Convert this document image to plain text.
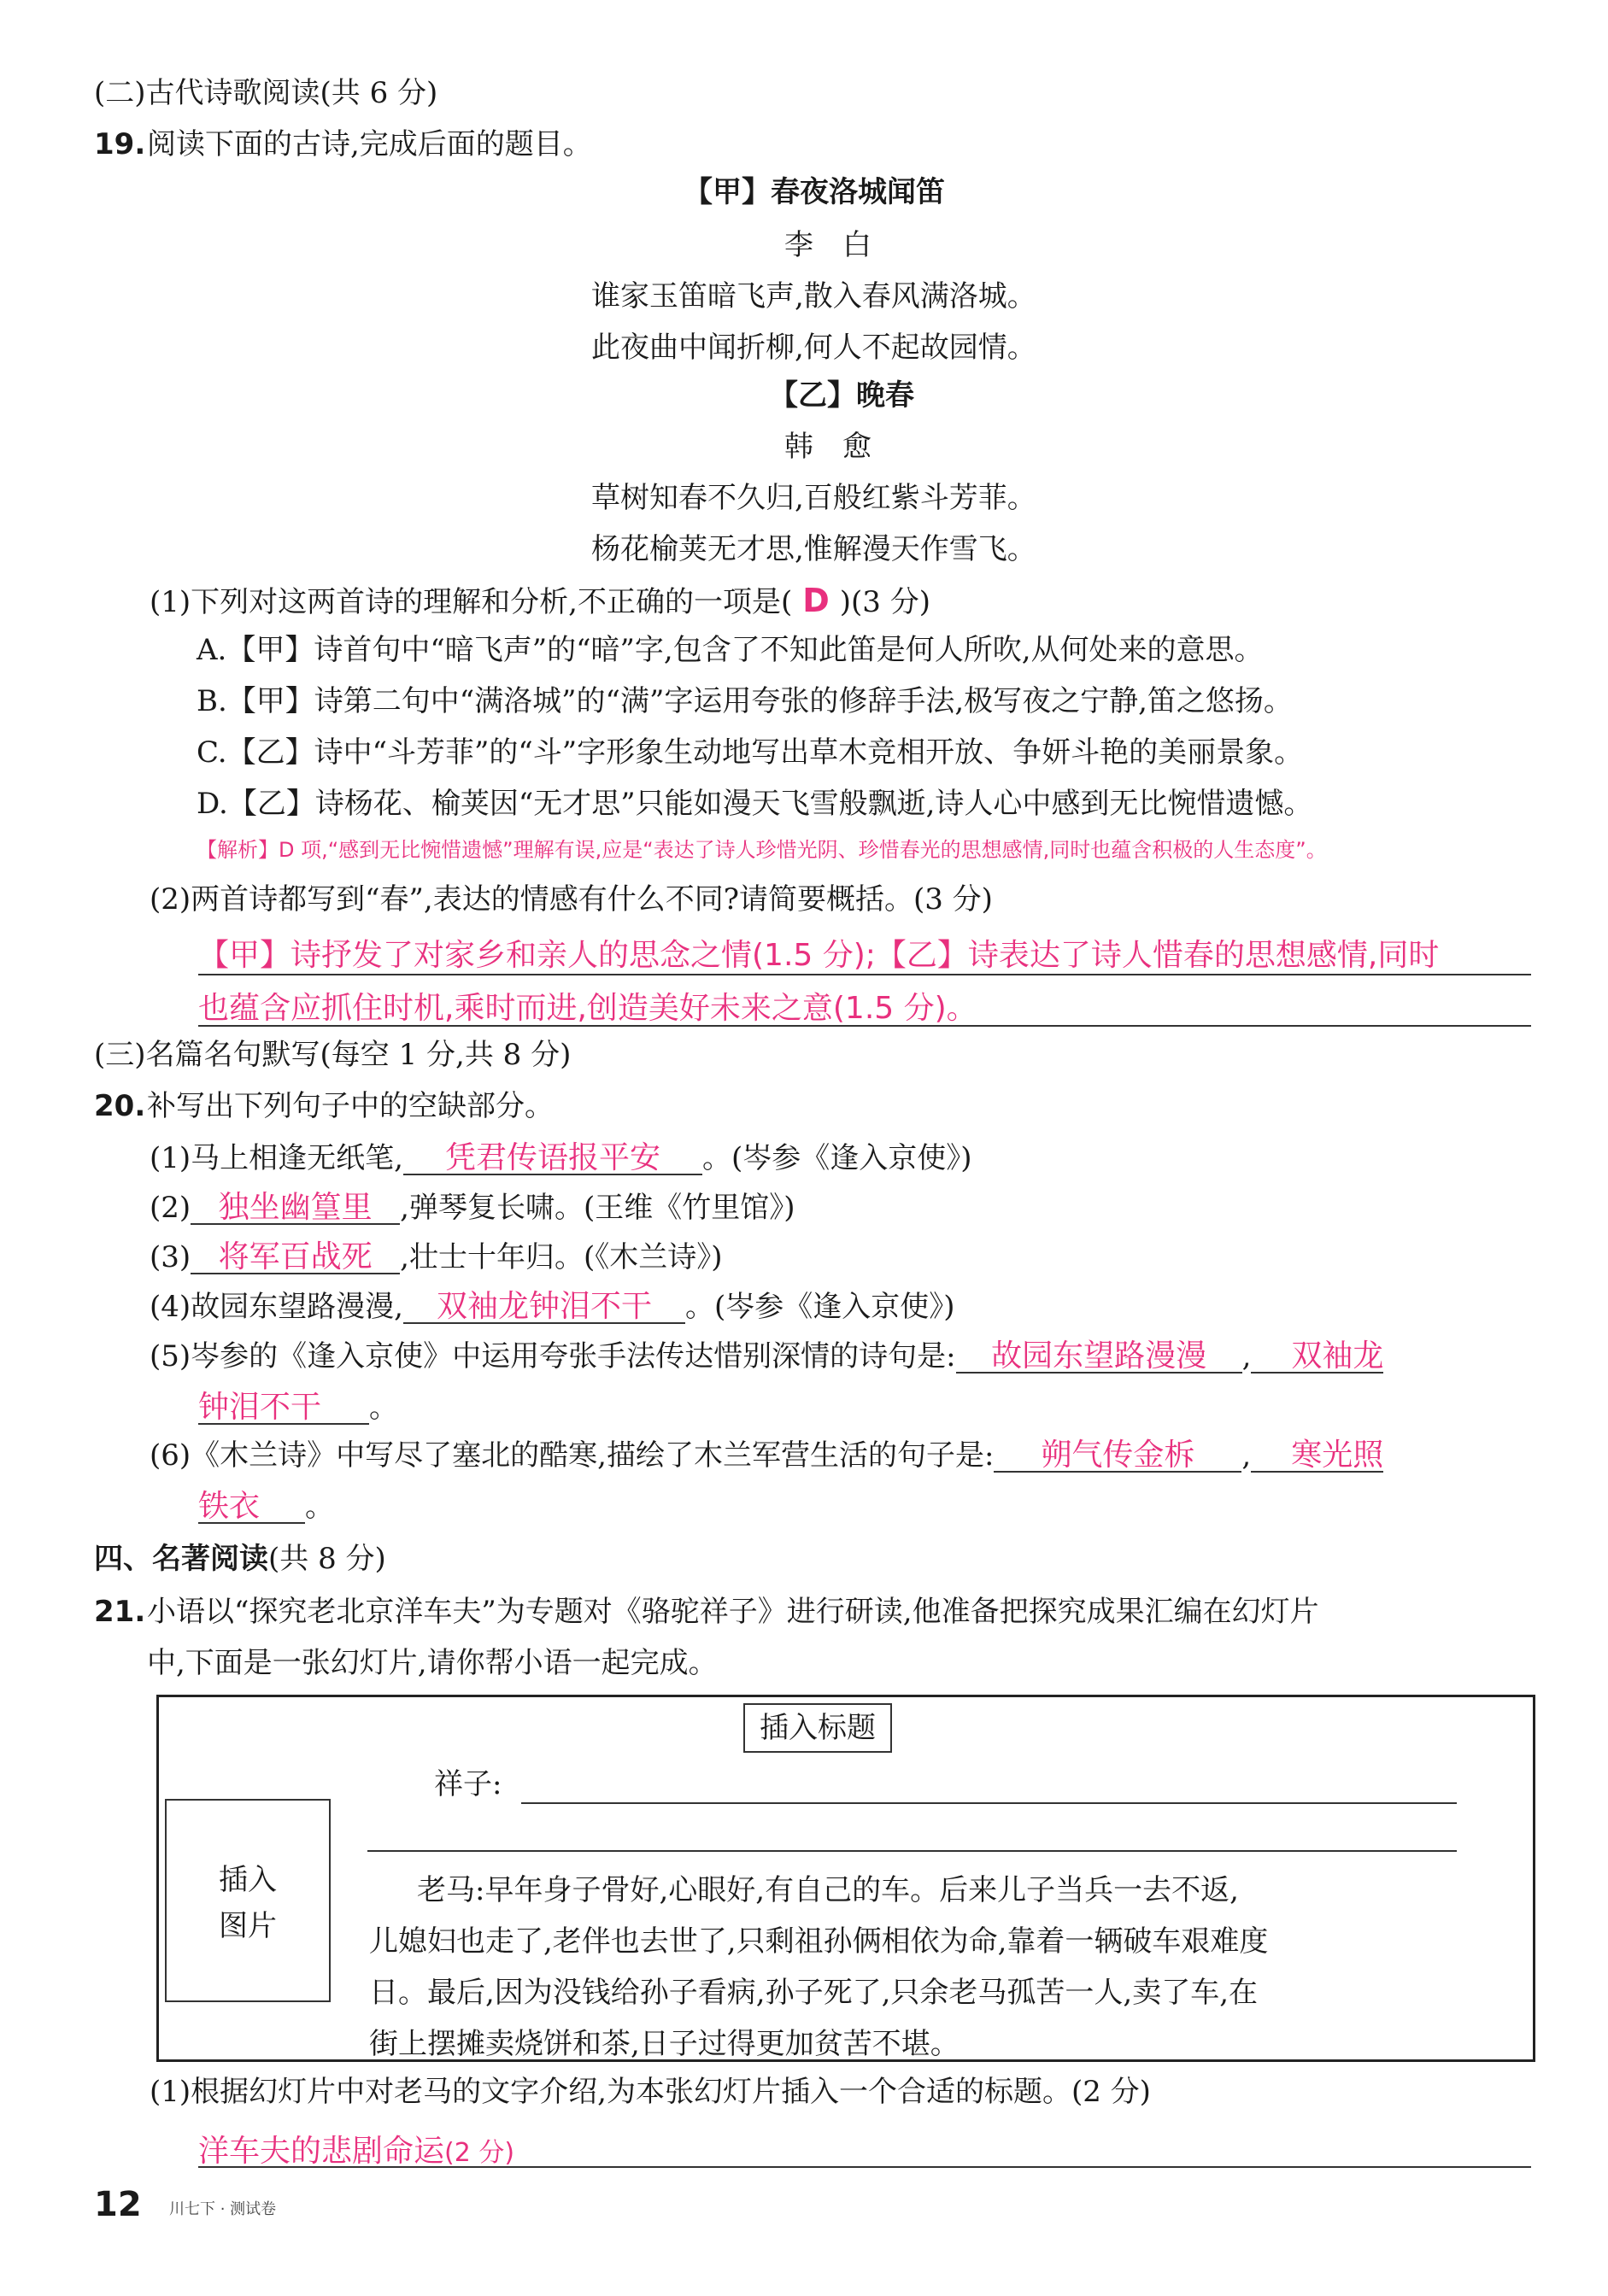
(二)古代诗歌阅读(共 6 分)
19. 阅读下面的古诗,完成后面的题目。
【甲】春夜洛城闻笛
李　白
谁家玉笛暗飞声,散入春风满洛城。
此夜曲中闻折柳,何人不起故园情。
【乙】晚春
韩　愈
草树知春不久归,百般红紫斗芳菲。
杨花榆荚无才思,惟解漫天作雪飞。
(1)下列对这两首诗的理解和分析,不正确的一项是( D )(3 分)
A.【甲】诗首句中“暗飞声”的“暗”字,包含了不知此笛是何人所吹,从何处来的意思。
B.【甲】诗第二句中“满洛城”的“满”字运用夸张的修辞手法,极写夜之宁静,笛之悠扬。
C.【乙】诗中“斗芳菲”的“斗”字形象生动地写出草木竞相开放、争妍斗艳的美丽景象。
D.【乙】诗杨花、榆荚因“无才思”只能如漫天飞雪般飘逝,诗人心中感到无比惋惜遗憾。
【解析】D 项,“感到无比惋惜遗憾”理解有误,应是“表达了诗人珍惜光阴、珍惜春光的思想感情,同时也蕴含积极的人生态度”。
(2)两首诗都写到“春”,表达的情感有什么不同?请简要概括。(3 分)
【甲】诗抒发了对家乡和亲人的思念之情(1.5 分);【乙】诗表达了诗人惜春的思想感情,同时
也蕴含应抓住时机,乘时而进,创造美好未来之意(1.5 分)。
(三)名篇名句默写(每空 1 分,共 8 分)
20. 补写出下列句子中的空缺部分。
(1)马上相逢无纸笔, 凭君传语报平安 。(岑参《逢入京使》)
(2) 独坐幽篁里 ,弹琴复长啸。(王维《竹里馆》)
(3) 将军百战死 ,壮士十年归。(《木兰诗》)
(4)故园东望路漫漫, 双袖龙钟泪不干 。(岑参《逢入京使》)
(5)岑参的《逢入京使》中运用夸张手法传达惜别深情的诗句是: 故园东望路漫漫 , 双袖龙
钟泪不干 。
(6)《木兰诗》中写尽了塞北的酷寒,描绘了木兰军营生活的句子是: 朔气传金柝 , 寒光照
铁衣 。
四、名著阅读(共 8 分)
21. 小语以“探究老北京洋车夫”为专题对《骆驼祥子》进行研读,他准备把探究成果汇编在幻灯片
中,下面是一张幻灯片,请你帮小语一起完成。
插入标题
插入
图片
祥子:
老马:早年身子骨好,心眼好,有自己的车。后来儿子当兵一去不返,
儿媳妇也走了,老伴也去世了,只剩祖孙俩相依为命,靠着一辆破车艰难度
日。最后,因为没钱给孙子看病,孙子死了,只余老马孤苦一人,卖了车,在
街上摆摊卖烧饼和茶,日子过得更加贫苦不堪。
(1)根据幻灯片中对老马的文字介绍,为本张幻灯片插入一个合适的标题。(2 分)
洋车夫的悲剧命运(2 分)
12 川七下 · 测试卷
